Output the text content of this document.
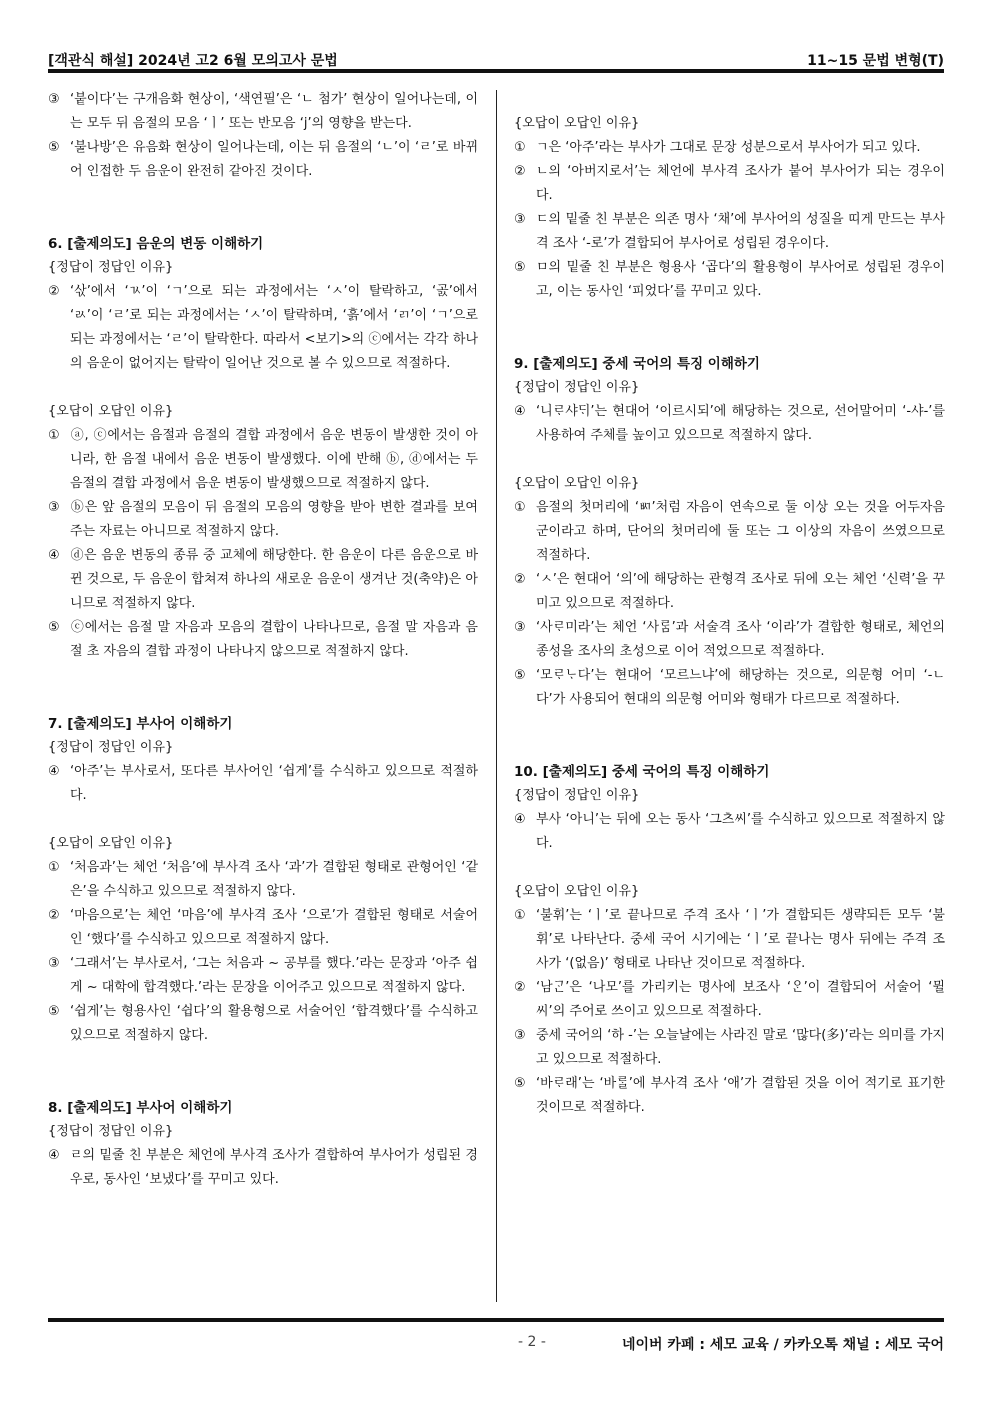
[객관식 해설] 2024년 고2 6월 모의고사 문법	11~15 문법 변형(T)

③ ‘붙이다’는 구개음화 현상이, ‘색연필’은 ‘ㄴ 첨가’ 현상이 일어나는데, 이는 모두 뒤 음절의 모음 ‘ㅣ’ 또는 반모음 ‘j’의 영향을 받는다.

⑤ ‘불나방’은 유음화 현상이 일어나는데, 이는 뒤 음절의 ‘ㄴ’이 ‘ㄹ’로 바뀌어 인접한 두 음운이 완전히 같아진 것이다.

6. [출제의도] 음운의 변동 이해하기

{정답이 정답인 이유}

② ‘삯’에서 ‘ㄳ’이 ‘ㄱ’으로 되는 과정에서는 ‘ㅅ’이 탈락하고, ‘곬’에서 ‘ㄽ’이 ‘ㄹ’로 되는 과정에서는 ‘ㅅ’이 탈락하며, ‘흙’에서 ‘ㄺ’이 ‘ㄱ’으로 되는 과정에서는 ‘ㄹ’이 탈락한다. 따라서 <보기>의 ⓒ에서는 각각 하나의 음운이 없어지는 탈락이 일어난 것으로 볼 수 있으므로 적절하다.

{오답이 오답인 이유}

① ⓐ, ⓒ에서는 음절과 음절의 결합 과정에서 음운 변동이 발생한 것이 아니라, 한 음절 내에서 음운 변동이 발생했다. 이에 반해 ⓑ, ⓓ에서는 두 음절의 결합 과정에서 음운 변동이 발생했으므로 적절하지 않다.

③ ⓑ은 앞 음절의 모음이 뒤 음절의 모음의 영향을 받아 변한 결과를 보여 주는 자료는 아니므로 적절하지 않다.

④ ⓓ은 음운 변동의 종류 중 교체에 해당한다. 한 음운이 다른 음운으로 바뀐 것으로, 두 음운이 합쳐져 하나의 새로운 음운이 생겨난 것(축약)은 아니므로 적절하지 않다.

⑤ ⓒ에서는 음절 말 자음과 모음의 결합이 나타나므로, 음절 말 자음과 음절 초 자음의 결합 과정이 나타나지 않으므로 적절하지 않다.

7. [출제의도] 부사어 이해하기

{정답이 정답인 이유}

④ ‘아주’는 부사로서, 또다른 부사어인 ‘쉽게’를 수식하고 있으므로 적절하다.

{오답이 오답인 이유}

① ‘처음과’는 체언 ‘처음’에 부사격 조사 ‘과’가 결합된 형태로 관형어인 ‘같은’을 수식하고 있으므로 적절하지 않다.

② ‘마음으로’는 체언 ‘마음’에 부사격 조사 ‘으로’가 결합된 형태로 서술어인 ‘했다’를 수식하고 있으므로 적절하지 않다.

③ ‘그래서’는 부사로서, ‘그는 처음과 ~ 공부를 했다.’라는 문장과 ‘아주 쉽게 ~ 대학에 합격했다.’라는 문장을 이어주고 있으므로 적절하지 않다.

⑤ ‘쉽게’는 형용사인 ‘쉽다’의 활용형으로 서술어인 ‘합격했다’를 수식하고 있으므로 적절하지 않다.

8. [출제의도] 부사어 이해하기

{정답이 정답인 이유}

④ ㄹ의 밑줄 친 부분은 체언에 부사격 조사가 결합하여 부사어가 성립된 경우로, 동사인 ‘보냈다’를 꾸미고 있다.

{오답이 오답인 이유}

① ㄱ은 ‘아주’라는 부사가 그대로 문장 성분으로서 부사어가 되고 있다.

② ㄴ의 ‘아버지로서’는 체언에 부사격 조사가 붙어 부사어가 되는 경우이다.

③ ㄷ의 밑줄 친 부분은 의존 명사 ‘채’에 부사어의 성질을 띠게 만드는 부사격 조사 ‘-로’가 결합되어 부사어로 성립된 경우이다.

⑤ ㅁ의 밑줄 친 부분은 형용사 ‘곱다’의 활용형이 부사어로 성립된 경우이고, 이는 동사인 ‘피었다’를 꾸미고 있다.

9. [출제의도] 중세 국어의 특징 이해하기

{정답이 정답인 이유}

④ ‘니ᄅᆞ샤ᄃᆡ’는 현대어 ‘이르시되’에 해당하는 것으로, 선어말어미 ‘-샤-’를 사용하여 주체를 높이고 있으므로 적절하지 않다.

{오답이 오답인 이유}

① 음절의 첫머리에 ‘ㅴ’처럼 자음이 연속으로 둘 이상 오는 것을 어두자음군이라고 하며, 단어의 첫머리에 둘 또는 그 이상의 자음이 쓰였으므로 적절하다.

② ‘ㅅ’은 현대어 ‘의’에 해당하는 관형격 조사로 뒤에 오는 체언 ‘신력’을 꾸미고 있으므로 적절하다.

③ ‘사ᄅᆞ미라’는 체언 ‘사ᄅᆞᆷ’과 서술격 조사 ‘이라’가 결합한 형태로, 체언의 종성을 조사의 초성으로 이어 적었으므로 적절하다.

⑤ ‘모ᄅᆞᄂᆞ다’는 현대어 ‘모르느냐’에 해당하는 것으로, 의문형 어미 ‘-ㄴ다’가 사용되어 현대의 의문형 어미와 형태가 다르므로 적절하다.

10. [출제의도] 중세 국어의 특징 이해하기

{정답이 정답인 이유}

④ 부사 ‘아니’는 뒤에 오는 동사 ‘그츠씨’를 수식하고 있으므로 적절하지 않다.

{오답이 오답인 이유}

① ‘불휘’는 ‘ㅣ’로 끝나므로 주격 조사 ‘ㅣ’가 결합되든 생략되든 모두 ‘불휘’로 나타난다. 중세 국어 시기에는 ‘ㅣ’로 끝나는 명사 뒤에는 주격 조사가 ‘(없음)’ 형태로 나타난 것이므로 적절하다.

② ‘남ᄀᆞᆫ’은 ‘나모’를 가리키는 명사에 보조사 ‘ᄋᆞᆫ’이 결합되어 서술어 ‘뮐씨’의 주어로 쓰이고 있으므로 적절하다.

③ 중세 국어의 ‘하 -’는 오늘날에는 사라진 말로 ‘많다(多)’라는 의미를 가지고 있으므로 적절하다.

⑤ ‘바ᄅᆞ래’는 ‘바ᄅᆞᆯ’에 부사격 조사 ‘애’가 결합된 것을 이어 적기로 표기한 것이므로 적절하다.

- 2 -	네이버 카페 : 세모 교육 / 카카오톡 채널 : 세모 국어
